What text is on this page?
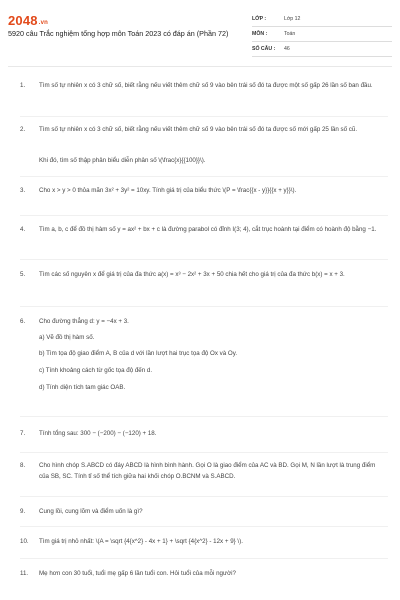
2048.vn
5920 câu Trắc nghiệm tổng hợp môn Toán 2023 có đáp án (Phần 72)
LỚP :	Lớp 12
MÔN :	Toán
SỐ CÂU :	46
1. Tìm số tự nhiên x có 3 chữ số, biết rằng nếu viết thêm chữ số 9 vào bên trái số đó ta được một số gấp 26 lần số ban đầu.
2. Tìm số tự nhiên x có 3 chữ số, biết rằng nếu viết thêm chữ số 9 vào bên trái số đó ta được số mới gấp 25 lần số cũ.
Khi đó, tìm số thập phân biểu diễn phân số \(\frac{x}{{100}}\).
3. Cho x > y > 0 thỏa mãn 3x² + 3y² = 10xy. Tính giá trị của biểu thức \(P = \frac{{x - y}}{{x + y}}\).
4. Tìm a, b, c để đồ thị hàm số y = ax² + bx + c là đường parabol có đỉnh I(3; 4), cắt trục hoành tại điểm có hoành độ bằng −1.
5. Tìm các số nguyên x để giá trị của đa thức a(x) = x³ − 2x² + 3x + 50 chia hết cho giá trị của đa thức b(x) = x + 3.
6. Cho đường thẳng d: y = −4x + 3.
a) Vẽ đồ thị hàm số.
b) Tìm tọa độ giao điểm A, B của d với lần lượt hai trục tọa độ Ox và Oy.
c) Tính khoảng cách từ gốc tọa độ đến d.
d) Tính diện tích tam giác OAB.
7. Tính tổng sau: 300 − (−200) − (−120) + 18.
8. Cho hình chóp S.ABCD có đáy ABCD là hình bình hành. Gọi O là giao điểm của AC và BD. Gọi M, N lần lượt là trung điểm của SB, SC. Tính tỉ số thể tích giữa hai khối chóp O.BCNM và S.ABCD.
9. Cung lồi, cung lõm và điểm uốn là gì?
10. Tìm giá trị nhỏ nhất: \(A = \sqrt {4{x^2} - 4x + 1} + \sqrt {4{x^2} - 12x + 9} \).
11. Mẹ hơn con 30 tuổi, tuổi mẹ gấp 6 lần tuổi con. Hỏi tuổi của mỗi người?
